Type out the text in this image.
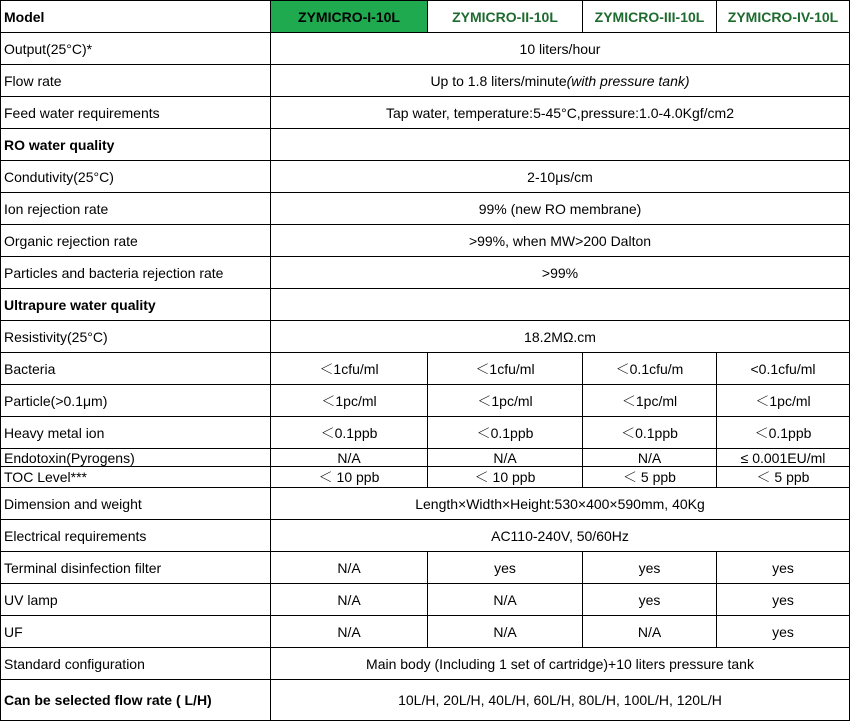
Model	ZYMICRO-I-10L	ZYMICRO-II-10L	ZYMICRO-III-10L	ZYMICRO-IV-10L
Output(25°C)*	10 liters/hour			
Flow rate	Up to 1.8 liters/minute(with pressure tank)			
Feed water requirements	Tap water, temperature:5-45°C,pressure:1.0-4.0Kgf/cm2			
RO water quality				
Condutivity(25°C)	2-10μs/cm			
Ion rejection rate	99% (new RO membrane)			
Organic rejection rate	>99%, when MW>200 Dalton			
Particles and bacteria rejection rate	>99%			
Ultrapure water quality				
Resistivity(25°C)	18.2MΩ.cm			
Bacteria	＜1cfu/ml	＜1cfu/ml	＜0.1cfu/m	<0.1cfu/ml
Particle(>0.1μm)	＜1pc/ml	＜1pc/ml	＜1pc/ml	＜1pc/ml
Heavy metal ion	＜0.1ppb	＜0.1ppb	＜0.1ppb	＜0.1ppb
Endotoxin(Pyrogens)	N/A	N/A	N/A	≤ 0.001EU/ml
TOC Level***	＜ 10 ppb	＜ 10 ppb	＜ 5 ppb	＜ 5 ppb
Dimension and weight	Length×Width×Height:530×400×590mm, 40Kg			
Electrical requirements	AC110-240V, 50/60Hz			
Terminal disinfection filter	N/A	yes	yes	yes
UV lamp	N/A	N/A	yes	yes
UF	N/A	N/A	N/A	yes
Standard configuration	Main body (Including 1 set of cartridge)+10 liters pressure tank			
Can be selected flow rate ( L/H)	10L/H, 20L/H, 40L/H, 60L/H, 80L/H, 100L/H, 120L/H			
